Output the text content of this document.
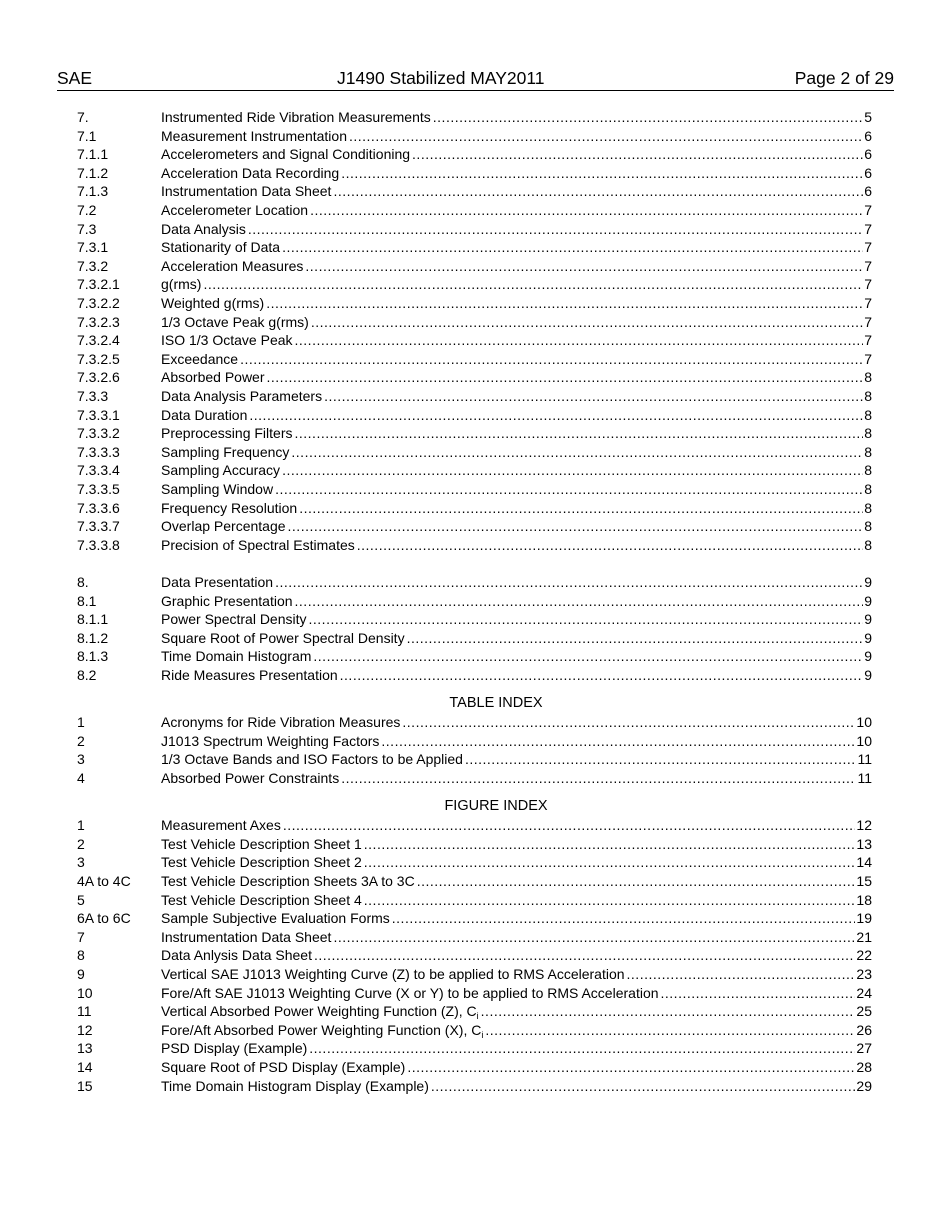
SAE	J1490 Stabilized MAY2011	Page 2 of 29
7.	Instrumented Ride Vibration Measurements .....	5
7.1	Measurement Instrumentation .....	6
7.1.1	Accelerometers and Signal Conditioning .....	6
7.1.2	Acceleration Data Recording .....	6
7.1.3	Instrumentation Data Sheet .....	6
7.2	Accelerometer Location .....	7
7.3	Data Analysis .....	7
7.3.1	Stationarity of Data .....	7
7.3.2	Acceleration Measures .....	7
7.3.2.1	g(rms) .....	7
7.3.2.2	Weighted g(rms) .....	7
7.3.2.3	1/3 Octave Peak g(rms) .....	7
7.3.2.4	ISO 1/3 Octave Peak .....	7
7.3.2.5	Exceedance .....	7
7.3.2.6	Absorbed Power .....	8
7.3.3	Data Analysis Parameters .....	8
7.3.3.1	Data Duration .....	8
7.3.3.2	Preprocessing Filters .....	8
7.3.3.3	Sampling Frequency .....	8
7.3.3.4	Sampling Accuracy .....	8
7.3.3.5	Sampling Window .....	8
7.3.3.6	Frequency Resolution .....	8
7.3.3.7	Overlap Percentage .....	8
7.3.3.8	Precision of Spectral Estimates .....	8
8.	Data Presentation .....	9
8.1	Graphic Presentation .....	9
8.1.1	Power Spectral Density .....	9
8.1.2	Square Root of Power Spectral Density .....	9
8.1.3	Time Domain Histogram .....	9
8.2	Ride Measures Presentation .....	9
TABLE INDEX
1	Acronyms for Ride Vibration Measures .....	10
2	J1013 Spectrum Weighting Factors .....	10
3	1/3 Octave Bands and ISO Factors to be Applied .....	11
4	Absorbed Power Constraints .....	11
FIGURE INDEX
1	Measurement Axes .....	12
2	Test Vehicle Description Sheet 1 .....	13
3	Test Vehicle Description Sheet 2 .....	14
4A to 4C Test Vehicle Description Sheets 3A to 3C .....	15
5	Test Vehicle Description Sheet 4 .....	18
6A to 6C Sample Subjective Evaluation Forms .....	19
7	Instrumentation Data Sheet .....	21
8	Data Anlysis Data Sheet .....	22
9	Vertical SAE J1013 Weighting Curve (Z) to be applied to RMS Acceleration .....	23
10	Fore/Aft SAE J1013 Weighting Curve (X or Y) to be applied to RMS Acceleration .....	24
11	Vertical Absorbed Power Weighting Function (Z), $C_i$ .....	25
12	Fore/Aft Absorbed Power Weighting Function (X), $C_i$ .....	26
13	PSD Display (Example) .....	27
14	Square Root of PSD Display (Example) .....	28
15	Time Domain Histogram Display (Example) .....	29
